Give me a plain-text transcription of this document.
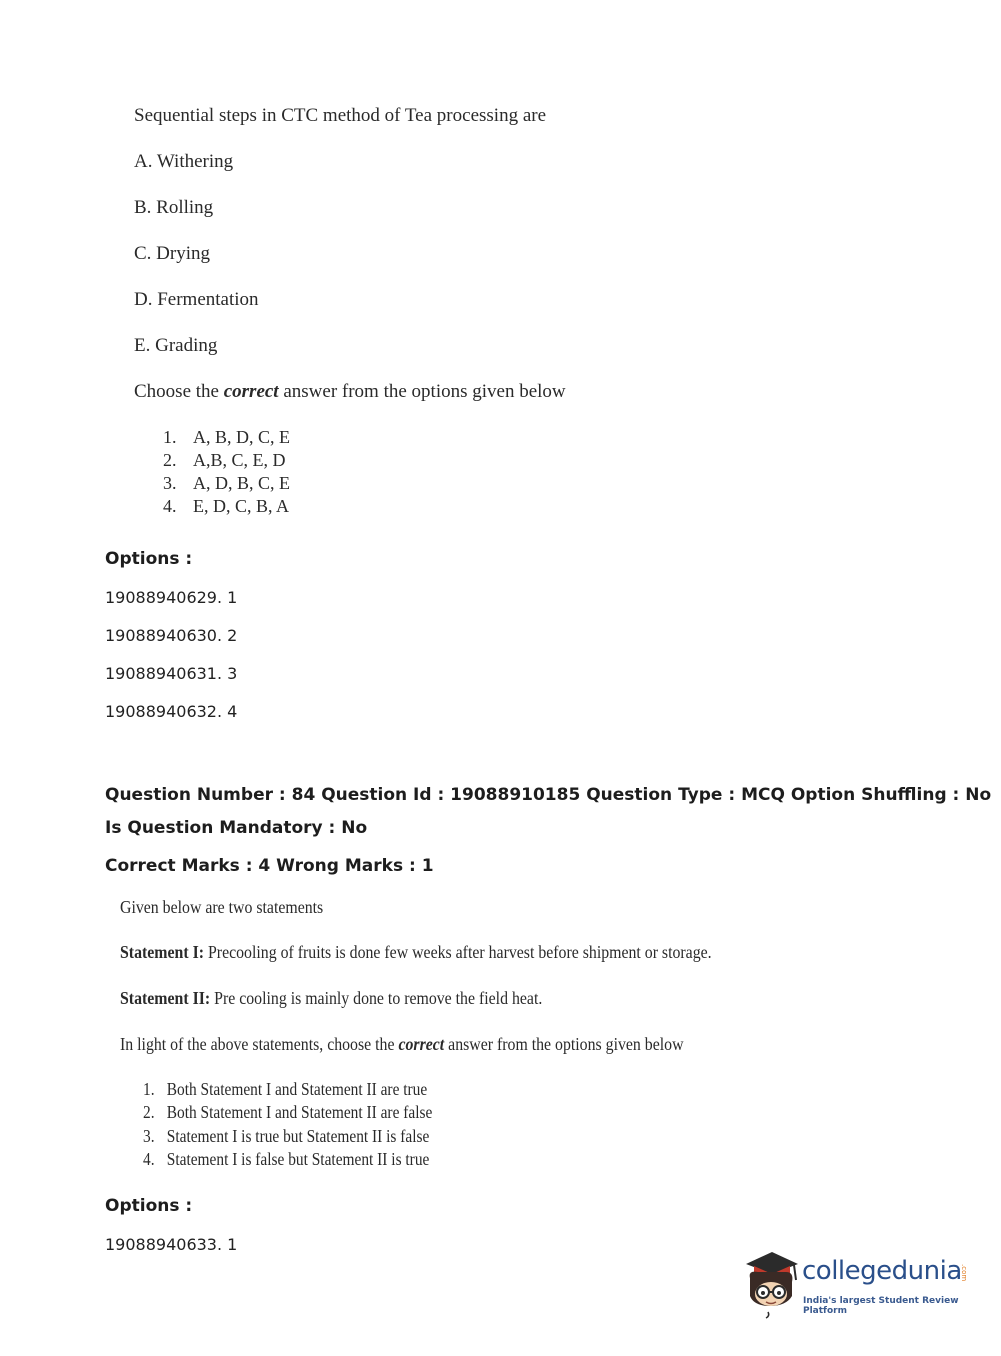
Sequential steps in CTC method of Tea processing are
A. Withering
B. Rolling
C. Drying
D. Fermentation
E. Grading
Choose the correct answer from the options given below
1. A, B, D, C, E
2. A,B, C, E, D
3. A, D, B, C, E
4. E, D, C, B, A
Options :
19088940629. 1
19088940630. 2
19088940631. 3
19088940632. 4
Question Number : 84 Question Id : 19088910185 Question Type : MCQ Option Shuffling : No
Is Question Mandatory : No
Correct Marks : 4 Wrong Marks : 1
Given below are two statements
Statement I: Precooling of fruits is done few weeks after harvest before shipment or storage.
Statement II: Pre cooling is mainly done to remove the field heat.
In light of the above statements, choose the correct answer from the options given below
1. Both Statement I and Statement II are true
2. Both Statement I and Statement II are false
3. Statement I is true but Statement II is false
4. Statement I is false but Statement II is true
Options :
19088940633. 1
collegedunia
.com
India's largest Student Review Platform
